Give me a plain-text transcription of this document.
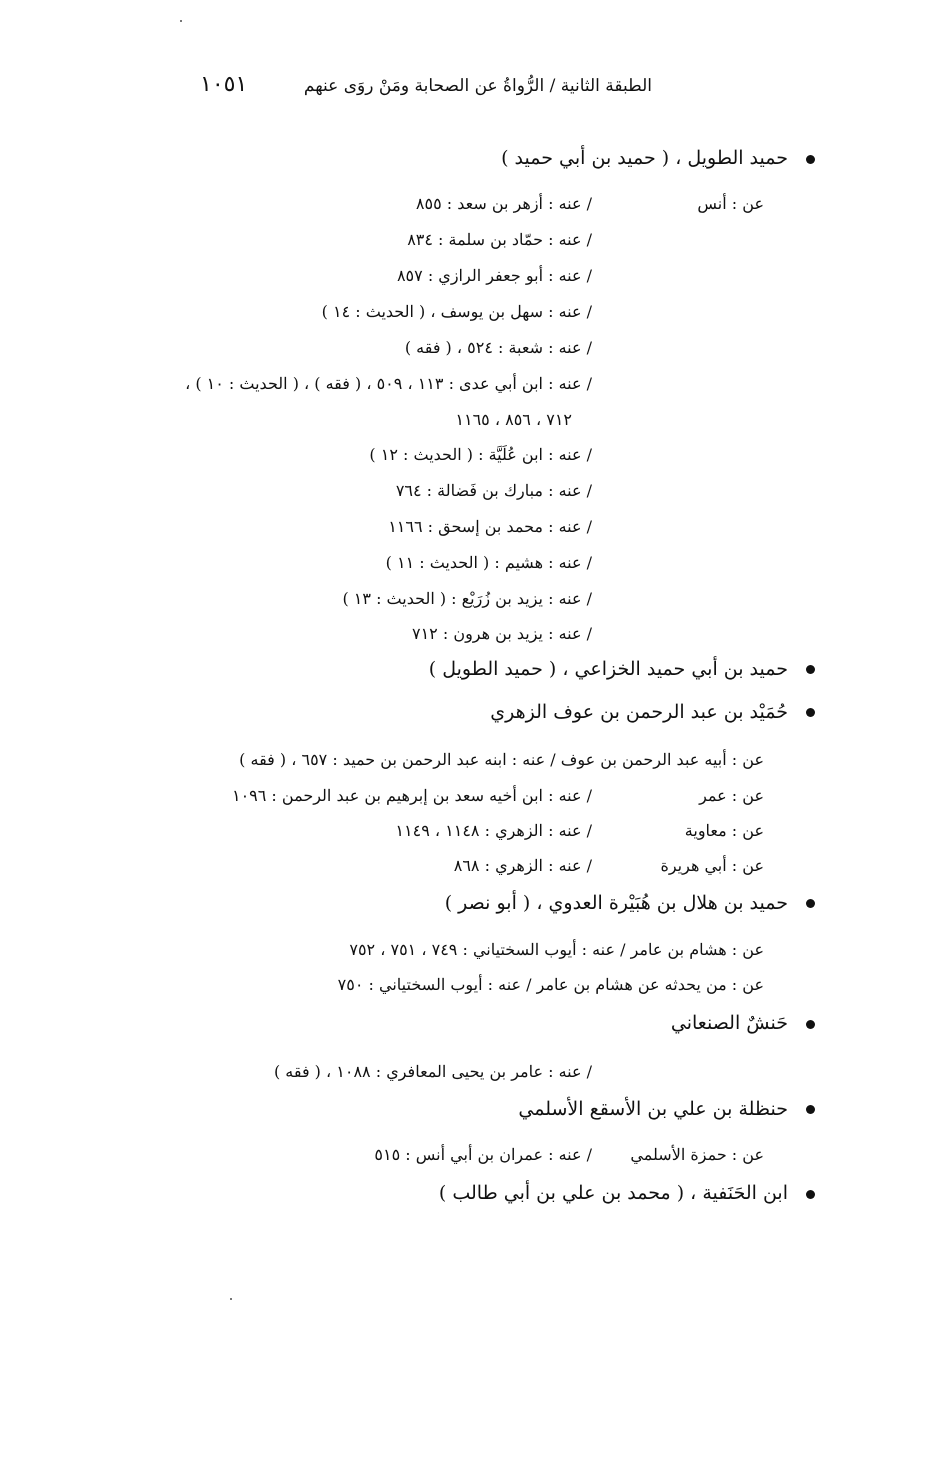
الطبقة الثانية / الرُّواةُ عن الصحابة ومَنْ روَى عنهم
١٠٥١
حميد الطويل ، ( حميد بن أبي حميد )
عن : أنس
/ عنه : أزهر بن سعد : ٨٥٥
/ عنه : حمّاد بن سلمة : ٨٣٤
/ عنه : أبو جعفر الرازي : ٨٥٧
/ عنه : سهل بن يوسف ، ( الحديث : ١٤ )
/ عنه : شعبة : ٥٢٤ ، ( فقه )
/ عنه : ابن أبي عدى : ١١٣ ، ٥٠٩ ، ( فقه ) ، ( الحديث : ١٠ ) ،
٧١٢ ، ٨٥٦ ، ١١٦٥
/ عنه : ابن عُلَيَّة : ( الحديث : ١٢ )
/ عنه : مبارك بن فَضالة : ٧٦٤
/ عنه : محمد بن إسحق : ١١٦٦
/ عنه : هشيم : ( الحديث : ١١ )
/ عنه : يزيد بن زُرَيْع : ( الحديث : ١٣ )
/ عنه : يزيد بن هرون : ٧١٢
حميد بن أبي حميد الخزاعي ، ( حميد الطويل )
حُمَيْد بن عبد الرحمن بن عوف الزهري
عن : أبيه عبد الرحمن بن عوف / عنه : ابنه عبد الرحمن بن حميد : ٦٥٧ ، ( فقه )
عن : عمر
/ عنه : ابن أخيه سعد بن إبرهيم بن عبد الرحمن : ١٠٩٦
عن : معاوية
/ عنه : الزهري : ١١٤٨ ، ١١٤٩
عن : أبي هريرة
/ عنه : الزهري : ٨٦٨
حميد بن هلال بن هُبَيْرة العدوي ، ( أبو نصر )
عن : هشام بن عامر / عنه : أيوب السختياني : ٧٤٩ ، ٧٥١ ، ٧٥٢
عن : من يحدثه عن هشام بن عامر / عنه : أيوب السختياني : ٧٥٠
حَنشٌ الصنعاني
/ عنه : عامر بن يحيى المعافري : ١٠٨٨ ، ( فقه )
حنظلة بن علي بن الأسقع الأسلمي
عن : حمزة الأسلمي
/ عنه : عمران بن أبي أنس : ٥١٥
ابن الحَنَفية ، ( محمد بن علي بن أبي طالب )
